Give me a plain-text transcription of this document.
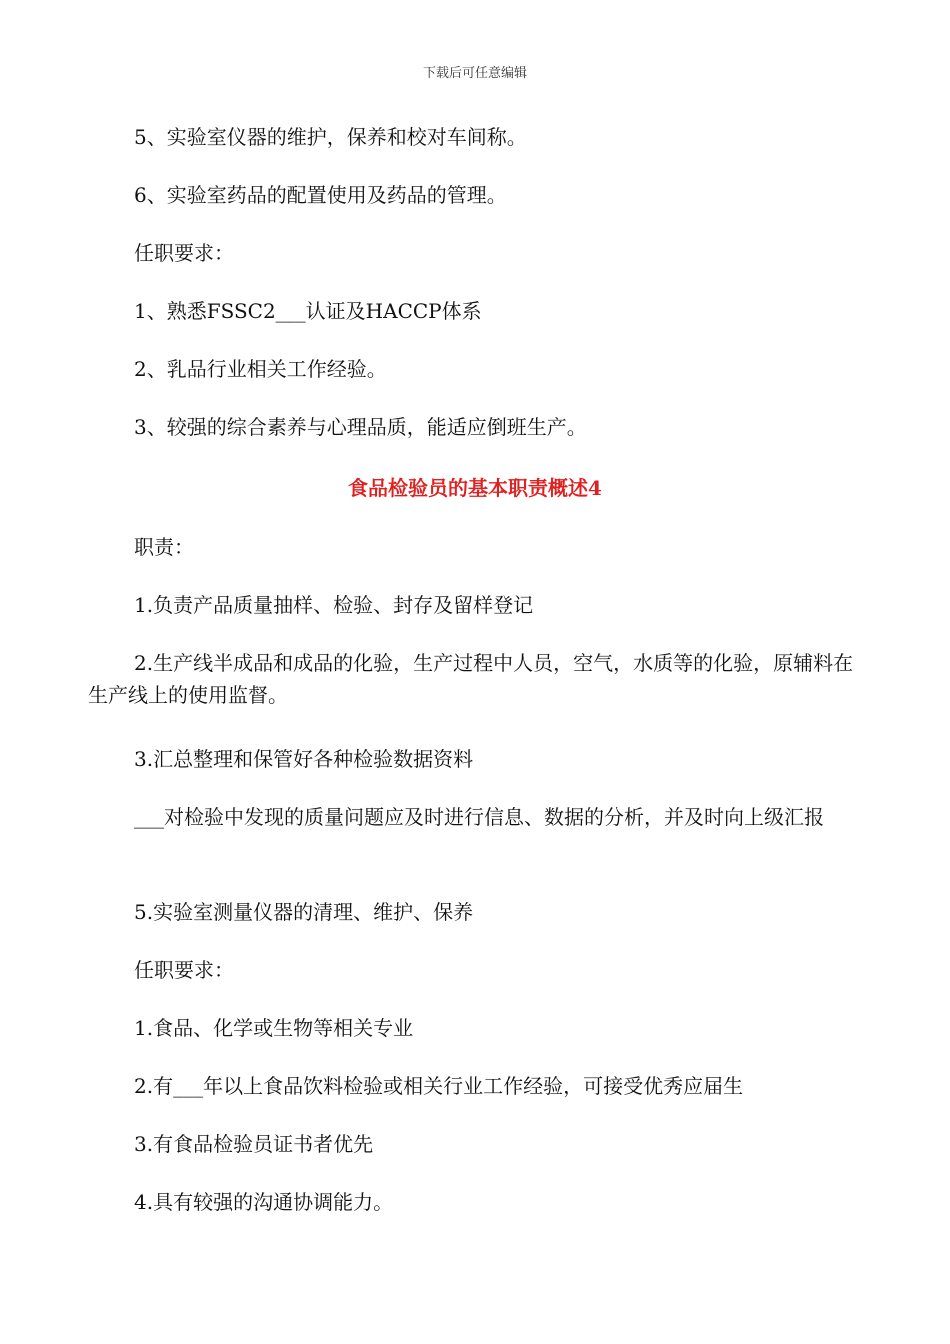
下载后可任意编辑
5、实验室仪器的维护，保养和校对车间称。
6、实验室药品的配置使用及药品的管理。
任职要求：
1、熟悉FSSC2___认证及HACCP体系
2、乳品行业相关工作经验。
3、较强的综合素养与心理品质，能适应倒班生产。
食品检验员的基本职责概述4
职责：
1.负责产品质量抽样、检验、封存及留样登记
2.生产线半成品和成品的化验，生产过程中人员，空气，水质等的化验，原辅料在生产线上的使用监督。
3.汇总整理和保管好各种检验数据资料
___对检验中发现的质量问题应及时进行信息、数据的分析，并及时向上级汇报
5.实验室测量仪器的清理、维护、保养
任职要求：
1.食品、化学或生物等相关专业
2.有___年以上食品饮料检验或相关行业工作经验，可接受优秀应届生
3.有食品检验员证书者优先
4.具有较强的沟通协调能力。
